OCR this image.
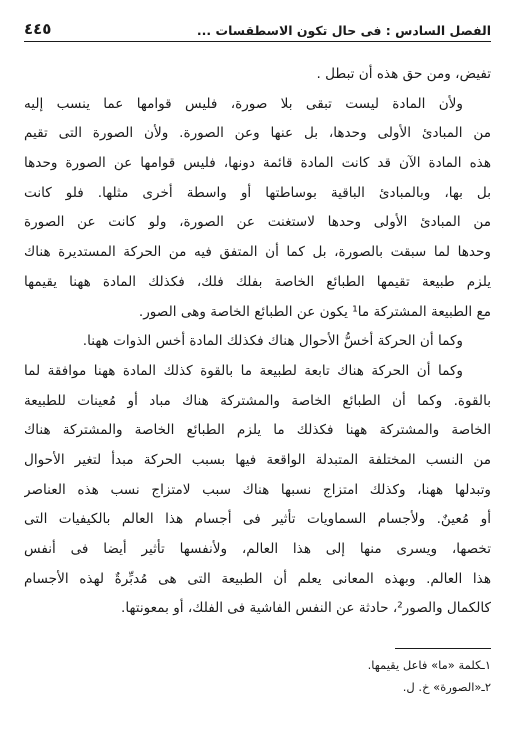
الفصل السادس : فى حال تكون الاسطقسات ...
٤٤٥
تفيض، ومن حق هذه أن تبطل .
ولأن المادة ليست تبقى بلا صورة، فليس قوامها عما ينسب إليه
من المبادئ الأولى وحدها، بل عنها وعن الصورة. ولأن الصورة التى تقيم
هذه المادة الآن قد كانت المادة قائمة دونها، فليس قوامها عن الصورة وحدها
بل بها، وبالمبادئ الباقية بوساطتها أو واسطة أخرى مثلها. فلو كانت
من المبادئ الأولى وحدها لاستغنت عن الصورة، ولو كانت عن الصورة
وحدها لما سبقت بالصورة، بل كما أن المتفق فيه من الحركة المستديرة هناك
يلزم طبيعة تقيمها الطبائع الخاصة بفلك فلك، فكذلك المادة ههنا يقيمها
مع الطبيعة المشتركة ما¹ يكون عن الطبائع الخاصة وهى الصور.
وكما أن الحركة أخسُّ الأحوال هناك فكذلك المادة أخس الذوات ههنا.
وكما أن الحركة هناك تابعة لطبيعة ما بالقوة كذلك المادة ههنا موافقة لما
بالقوة. وكما أن الطبائع الخاصة والمشتركة هناك مباد أو مُعينات للطبيعة
الخاصة والمشتركة ههنا فكذلك ما يلزم الطبائع الخاصة والمشتركة هناك
من النسب المختلفة المتبدلة الواقعة فيها بسبب الحركة مبدأ لتغير الأحوال
وتبدلها ههنا، وكذلك امتزاج نسبها هناك سبب لامتزاج نسب هذه العناصر
أو مُعينٌ. ولأجسام السماويات تأثير فى أجسام هذا العالم بالكيفيات التى
تخصها، ويسرى منها إلى هذا العالم، ولأنفسها تأثير أيضا فى أنفس
هذا العالم. وبهذه المعانى يعلم أن الطبيعة التى هى مُدبِّرةٌ لهذه الأجسام
كالكمال والصور²، حادثة عن النفس الفاشية فى الفلك، أو بمعونتها.
١ـكلمة «ما» فاعل يقيمها.
٢ـ«الصورة» خ. ل.
